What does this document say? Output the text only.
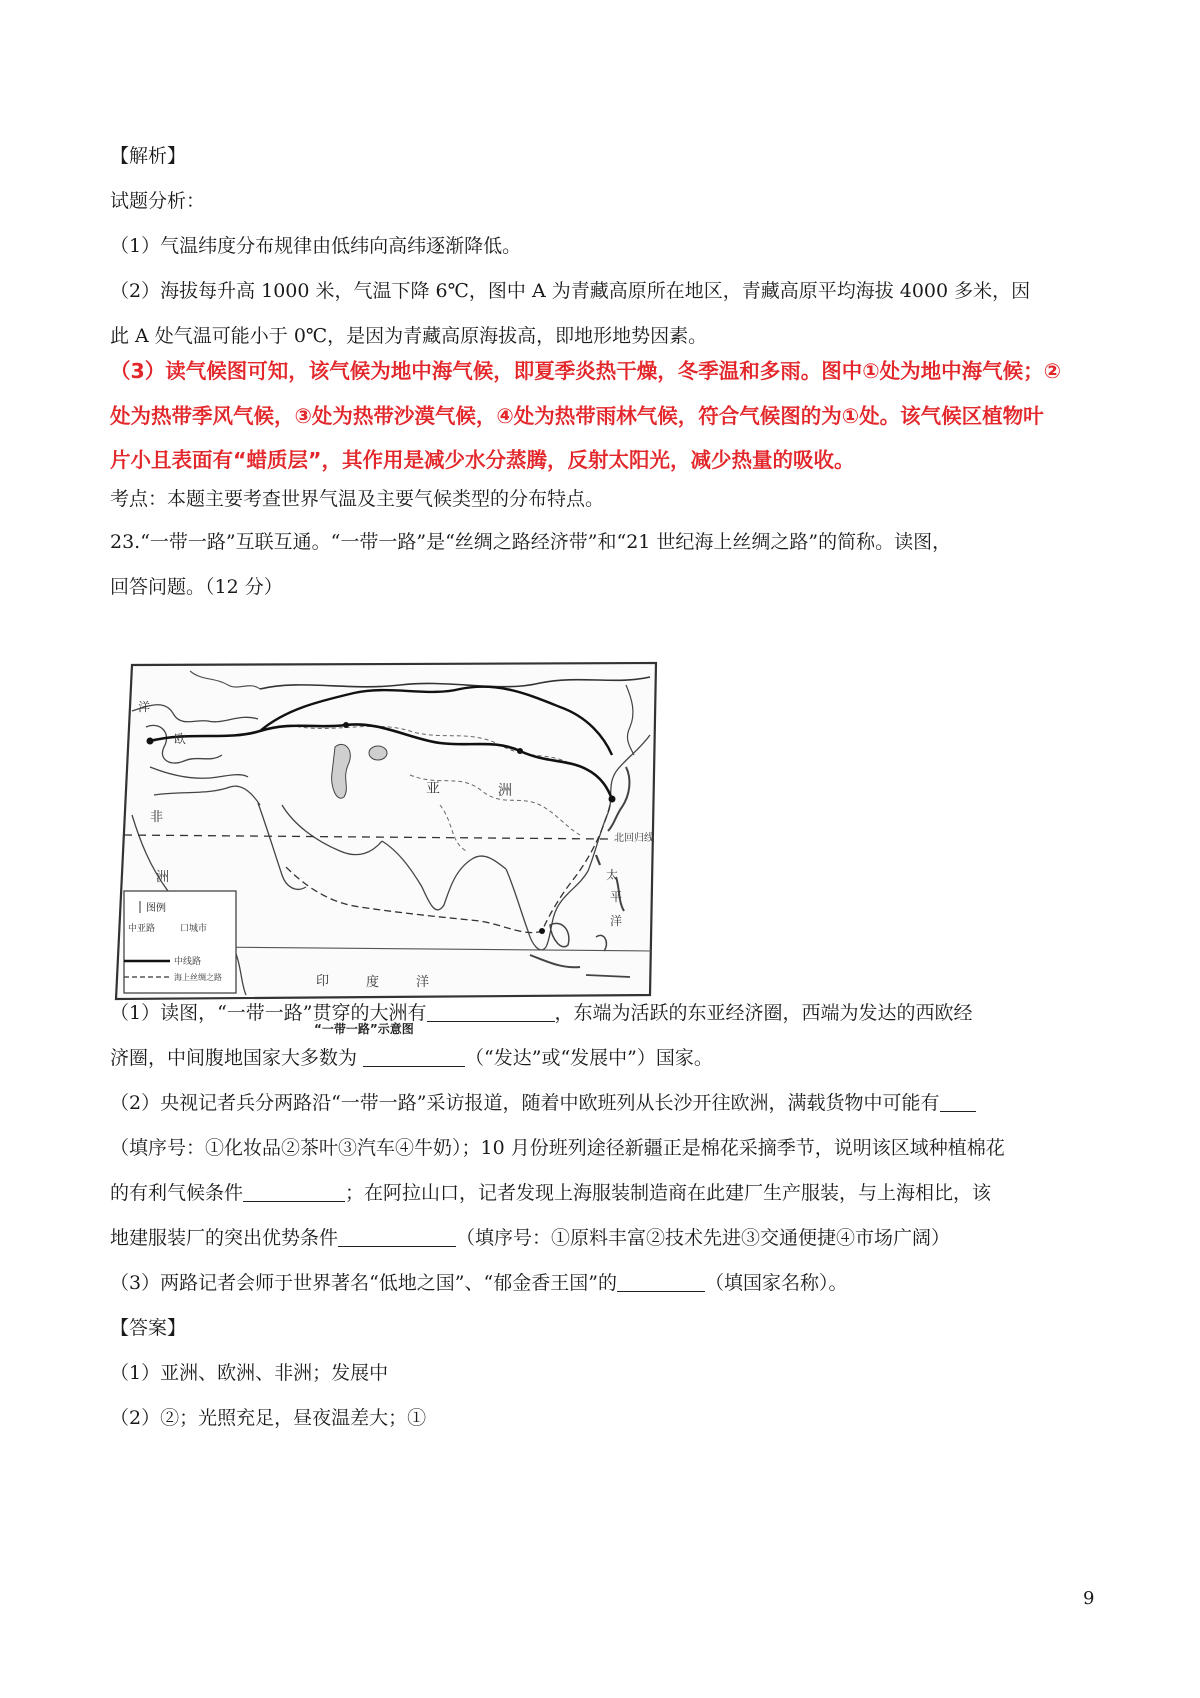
【解析】
试题分析：
（1）气温纬度分布规律由低纬向高纬逐渐降低。
（2）海拔每升高 1000 米，气温下降 6℃，图中 A 为青藏高原所在地区，青藏高原平均海拔 4000 多米，因
此 A 处气温可能小于 0℃，是因为青藏高原海拔高，即地形地势因素。
（3）读气候图可知，该气候为地中海气候，即夏季炎热干燥，冬季温和多雨。图中①处为地中海气候；②
处为热带季风气候，③处为热带沙漠气候，④处为热带雨林气候，符合气候图的为①处。该气候区植物叶
片小且表面有“蜡质层”，其作用是减少水分蒸腾，反射太阳光，减少热量的吸收。
考点：本题主要考查世界气温及主要气候类型的分布特点。
23.“一带一路”互联互通。“一带一路”是“丝绸之路经济带”和“21 世纪海上丝绸之路”的简称。读图，
回答问题。（12 分）
洋
欧
亚	洲
非
洲
北回归线
太
平
洋
印	度	洋
图例
中亚路	口城市
中线路
海上丝绸之路
“一带一路”示意图
（1）读图，“一带一路”贯穿的大洲有	，东端为活跃的东亚经济圈，西端为发达的西欧经
济圈，中间腹地国家大多数为	（“发达”或“发展中”）国家。
（2）央视记者兵分两路沿“一带一路”采访报道，随着中欧班列从长沙开往欧洲，满载货物中可能有
（填序号：①化妆品②茶叶③汽车④牛奶）；10 月份班列途径新疆正是棉花采摘季节，说明该区域种植棉花
的有利气候条件	；在阿拉山口，记者发现上海服装制造商在此建厂生产服装，与上海相比，该
地建服装厂的突出优势条件	（填序号：①原料丰富②技术先进③交通便捷④市场广阔）
（3）两路记者会师于世界著名“低地之国”、“郁金香王国”的	（填国家名称）。
【答案】
（1）亚洲、欧洲、非洲；发展中
（2）②；光照充足，昼夜温差大；①
9
